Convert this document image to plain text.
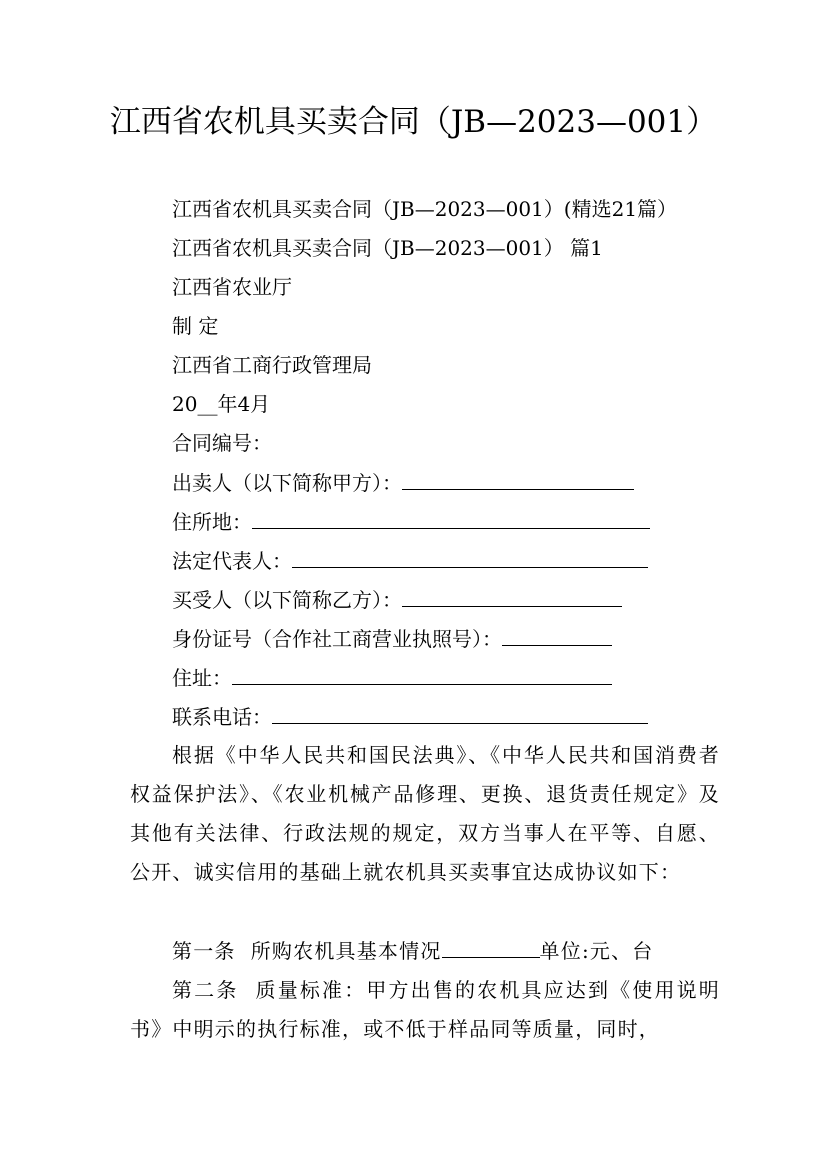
江西省农机具买卖合同（JB—2023—001）
江西省农机具买卖合同（JB—2023—001）(精选21篇）
江西省农机具买卖合同（JB—2023—001） 篇1
江西省农业厅
制 定
江西省工商行政管理局
20__年4月
合同编号：
出卖人（以下简称甲方）：
住所地：
法定代表人：
买受人（以下简称乙方）：
身份证号（合作社工商营业执照号）：
住址：
联系电话：
根据《中华人民共和国民法典》、《中华人民共和国消费者权益保护法》、《农业机械产品修理、更换、退货责任规定》及其他有关法律、行政法规的规定，双方当事人在平等、自愿、公开、诚实信用的基础上就农机具买卖事宜达成协议如下：
第一条 所购农机具基本情况	单位:元、台
第二条 质量标准：甲方出售的农机具应达到《使用说明书》中明示的执行标准，或不低于样品同等质量，同时，
